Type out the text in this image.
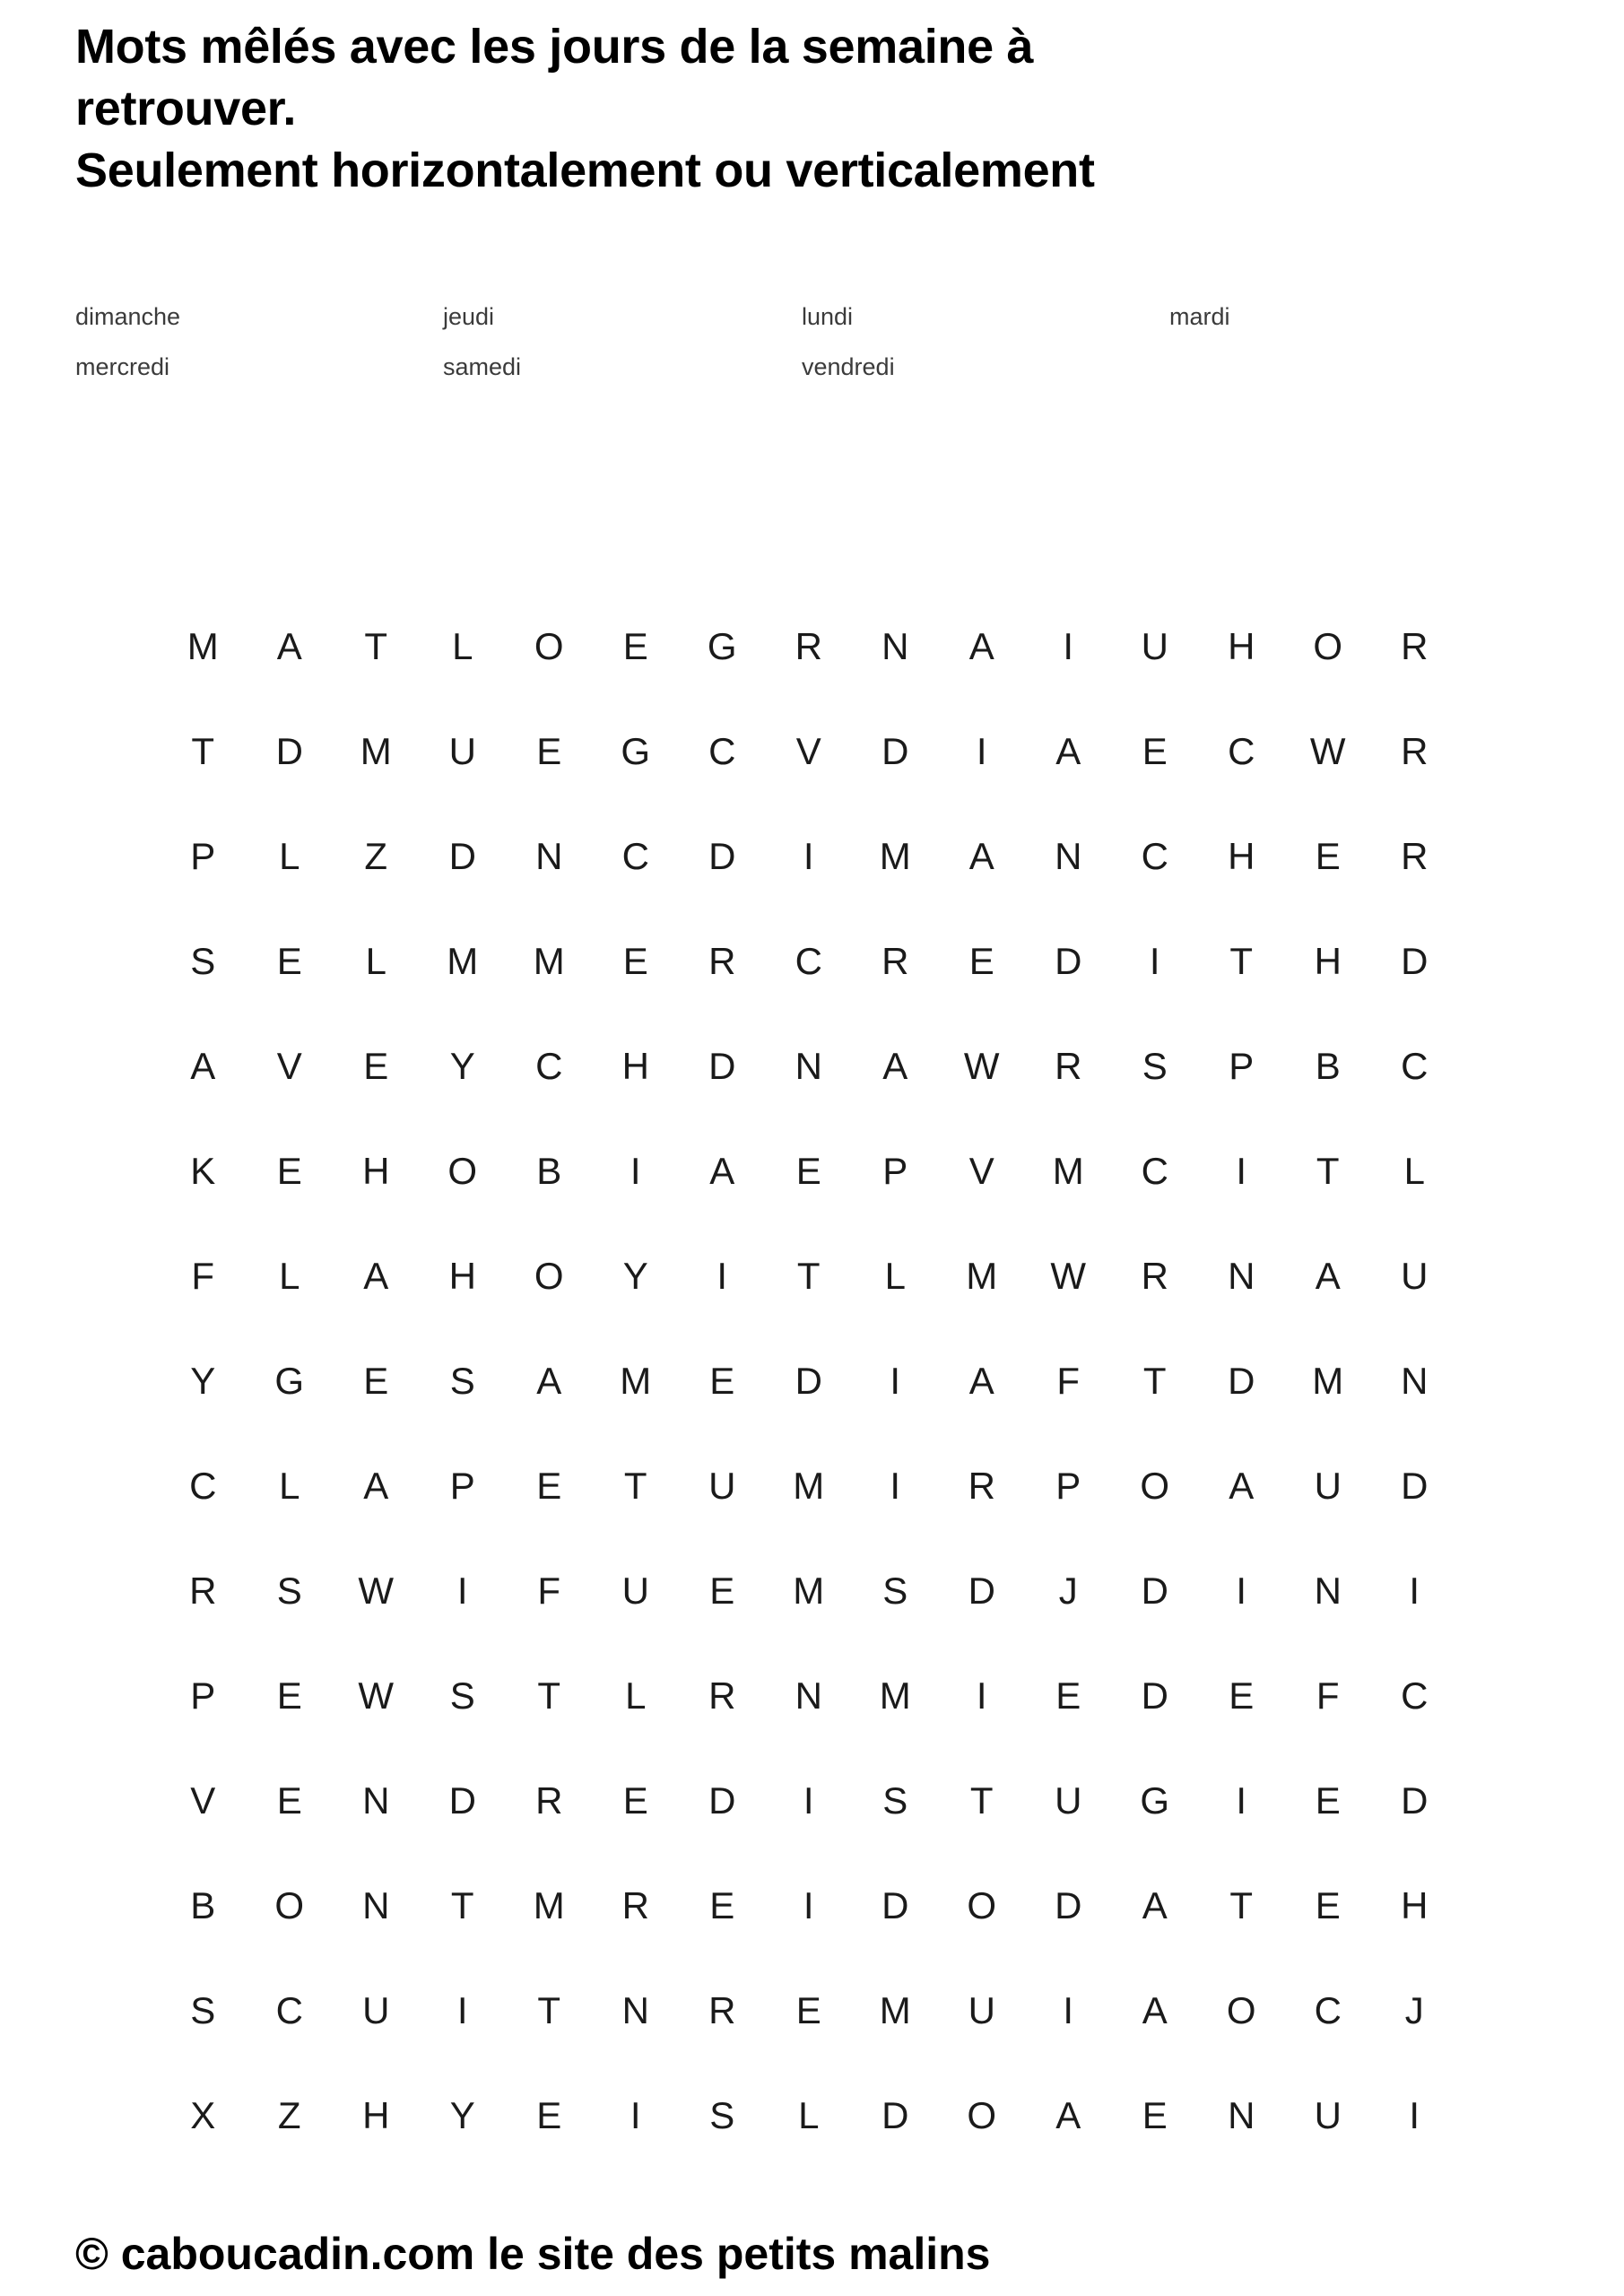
Mots mêlés avec les jours de la semaine à
retrouver.
Seulement horizontalement ou verticalement
dimanche	jeudi	lundi	mardi
mercredi	samedi	vendredi
M	A	T	L	O	E	G	R	N	A	I	U	H	O	R
T	D	M	U	E	G	C	V	D	I	A	E	C	W	R
P	L	Z	D	N	C	D	I	M	A	N	C	H	E	R
S	E	L	M	M	E	R	C	R	E	D	I	T	H	D
A	V	E	Y	C	H	D	N	A	W	R	S	P	B	C
K	E	H	O	B	I	A	E	P	V	M	C	I	T	L
F	L	A	H	O	Y	I	T	L	M	W	R	N	A	U
Y	G	E	S	A	M	E	D	I	A	F	T	D	M	N
C	L	A	P	E	T	U	M	I	R	P	O	A	U	D
R	S	W	I	F	U	E	M	S	D	J	D	I	N	I
P	E	W	S	T	L	R	N	M	I	E	D	E	F	C
V	E	N	D	R	E	D	I	S	T	U	G	I	E	D
B	O	N	T	M	R	E	I	D	O	D	A	T	E	H
S	C	U	I	T	N	R	E	M	U	I	A	O	C	J
X	Z	H	Y	E	I	S	L	D	O	A	E	N	U	I
© caboucadin.com le site des petits malins
